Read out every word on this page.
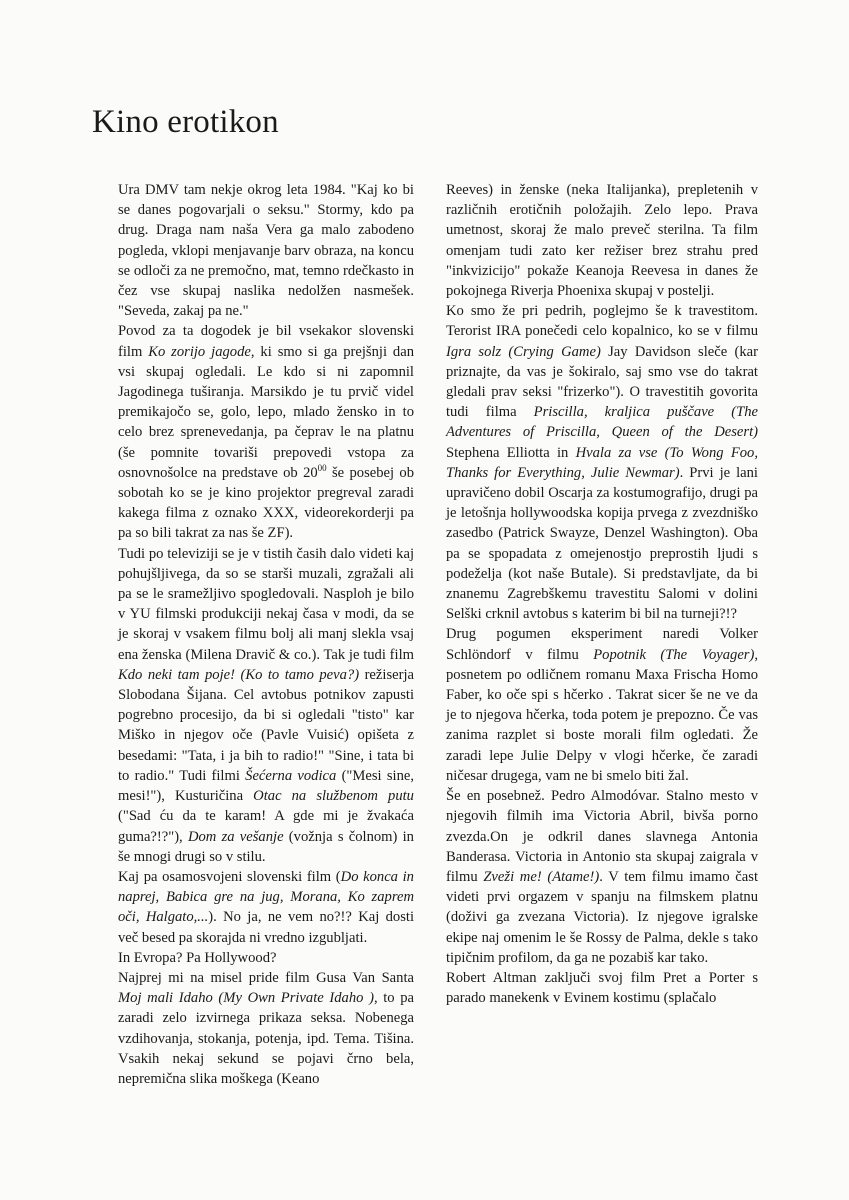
Kino erotikon

Ura DMV tam nekje okrog leta 1984. "Kaj ko bi se danes pogovarjali o seksu." Stormy, kdo pa drug. Draga nam naša Vera ga malo zabodeno pogleda, vklopi menjavanje barv obraza, na koncu se odloči za ne premočno, mat, temno rdečkasto in čez vse skupaj naslika nedolžen nasmešek. "Seveda, zakaj pa ne."

Povod za ta dogodek je bil vsekakor slovenski film Ko zorijo jagode, ki smo si ga prejšnji dan vsi skupaj ogledali. Le kdo si ni zapomnil Jagodinega tuširanja. Marsikdo je tu prvič videl premikajočo se, golo, lepo, mlado žensko in to celo brez sprenevedanja, pa čeprav le na platnu (še pomnite tovariši prepovedi vstopa za osnovnošolce na predstave ob $20^{00}$ še posebej ob sobotah ko se je kino projektor pregreval zaradi kakega filma z oznako XXX, videorekorderji pa pa so bili takrat za nas še ZF).

Tudi po televiziji se je v tistih časih dalo videti kaj pohujšljivega, da so se starši muzali, zgražali ali pa se le sramežljivo spogledovali. Nasploh je bilo v YU filmski produkciji nekaj časa v modi, da se je skoraj v vsakem filmu bolj ali manj slekla vsaj ena ženska (Milena Dravič & co.). Tak je tudi film Kdo neki tam poje! (Ko to tamo peva?) režiserja Slobodana Šijana. Cel avtobus potnikov zapusti pogrebno procesijo, da bi si ogledali "tisto" kar Miško in njegov oče (Pavle Vuisić) opišeta z besedami: "Tata, i ja bih to radio!" "Sine, i tata bi to radio." Tudi filmi Šećerna vodica ("Mesi sine, mesi!"), Kusturičina Otac na službenom putu ("Sad ću da te karam! A gde mi je žvakaća guma?!?"), Dom za vešanje (vožnja s čolnom) in še mnogi drugi so v stilu.

Kaj pa osamosvojeni slovenski film (Do konca in naprej, Babica gre na jug, Morana, Ko zaprem oči, Halgato,...). No ja, ne vem no?!? Kaj dosti več besed pa skorajda ni vredno izgubljati.

In Evropa? Pa Hollywood?

Najprej mi na misel pride film Gusa Van Santa Moj mali Idaho (My Own Private Idaho ), to pa zaradi zelo izvirnega prikaza seksa. Nobenega vzdihovanja, stokanja, potenja, ipd. Tema. Tišina. Vsakih nekaj sekund se pojavi črno bela, nepremična slika moškega (Keano

Reeves) in ženske (neka Italijanka), prepletenih v različnih erotičnih položajih. Zelo lepo. Prava umetnost, skoraj že malo preveč sterilna. Ta film omenjam tudi zato ker režiser brez strahu pred "inkvizicijo" pokaže Keanoja Reevesa in danes že pokojnega Riverja Phoenixa skupaj v postelji.

Ko smo že pri pedrih, poglejmo še k travestitom. Terorist IRA ponečedi celo kopalnico, ko se v filmu Igra solz (Crying Game) Jay Davidson sleče (kar priznajte, da vas je šokiralo, saj smo vse do takrat gledali prav seksi "frizerko"). O travestitih govorita tudi filma Priscilla, kraljica puščave (The Adventures of Priscilla, Queen of the Desert) Stephena Elliotta in Hvala za vse (To Wong Foo, Thanks for Everything, Julie Newmar). Prvi je lani upravičeno dobil Oscarja za kostumografijo, drugi pa je letošnja hollywoodska kopija prvega z zvezdniško zasedbo (Patrick Swayze, Denzel Washington). Oba pa se spopadata z omejenostjo preprostih ljudi s podeželja (kot naše Butale). Si predstavljate, da bi znanemu Zagrebškemu travestitu Salomi v dolini Selški crknil avtobus s katerim bi bil na turneji?!?

Drug pogumen eksperiment naredi Volker Schlöndorf v filmu Popotnik (The Voyager), posnetem po odličnem romanu Maxa Frischa Homo Faber, ko oče spi s hčerko . Takrat sicer še ne ve da je to njegova hčerka, toda potem je prepozno. Če vas zanima razplet si boste morali film ogledati. Že zaradi lepe Julie Delpy v vlogi hčerke, če zaradi ničesar drugega, vam ne bi smelo biti žal.

Še en posebnež. Pedro Almodóvar. Stalno mesto v njegovih filmih ima Victoria Abril, bivša porno zvezda.On je odkril danes slavnega Antonia Banderasa. Victoria in Antonio sta skupaj zaigrala v filmu Zveži me! (Atame!). V tem filmu imamo čast videti prvi orgazem v spanju na filmskem platnu (doživi ga zvezana Victoria). Iz njegove igralske ekipe naj omenim le še Rossy de Palma, dekle s tako tipičnim profilom, da ga ne pozabiš kar tako.

Robert Altman zaključi svoj film Pret a Porter s parado manekenk v Evinem kostimu (splačalo
